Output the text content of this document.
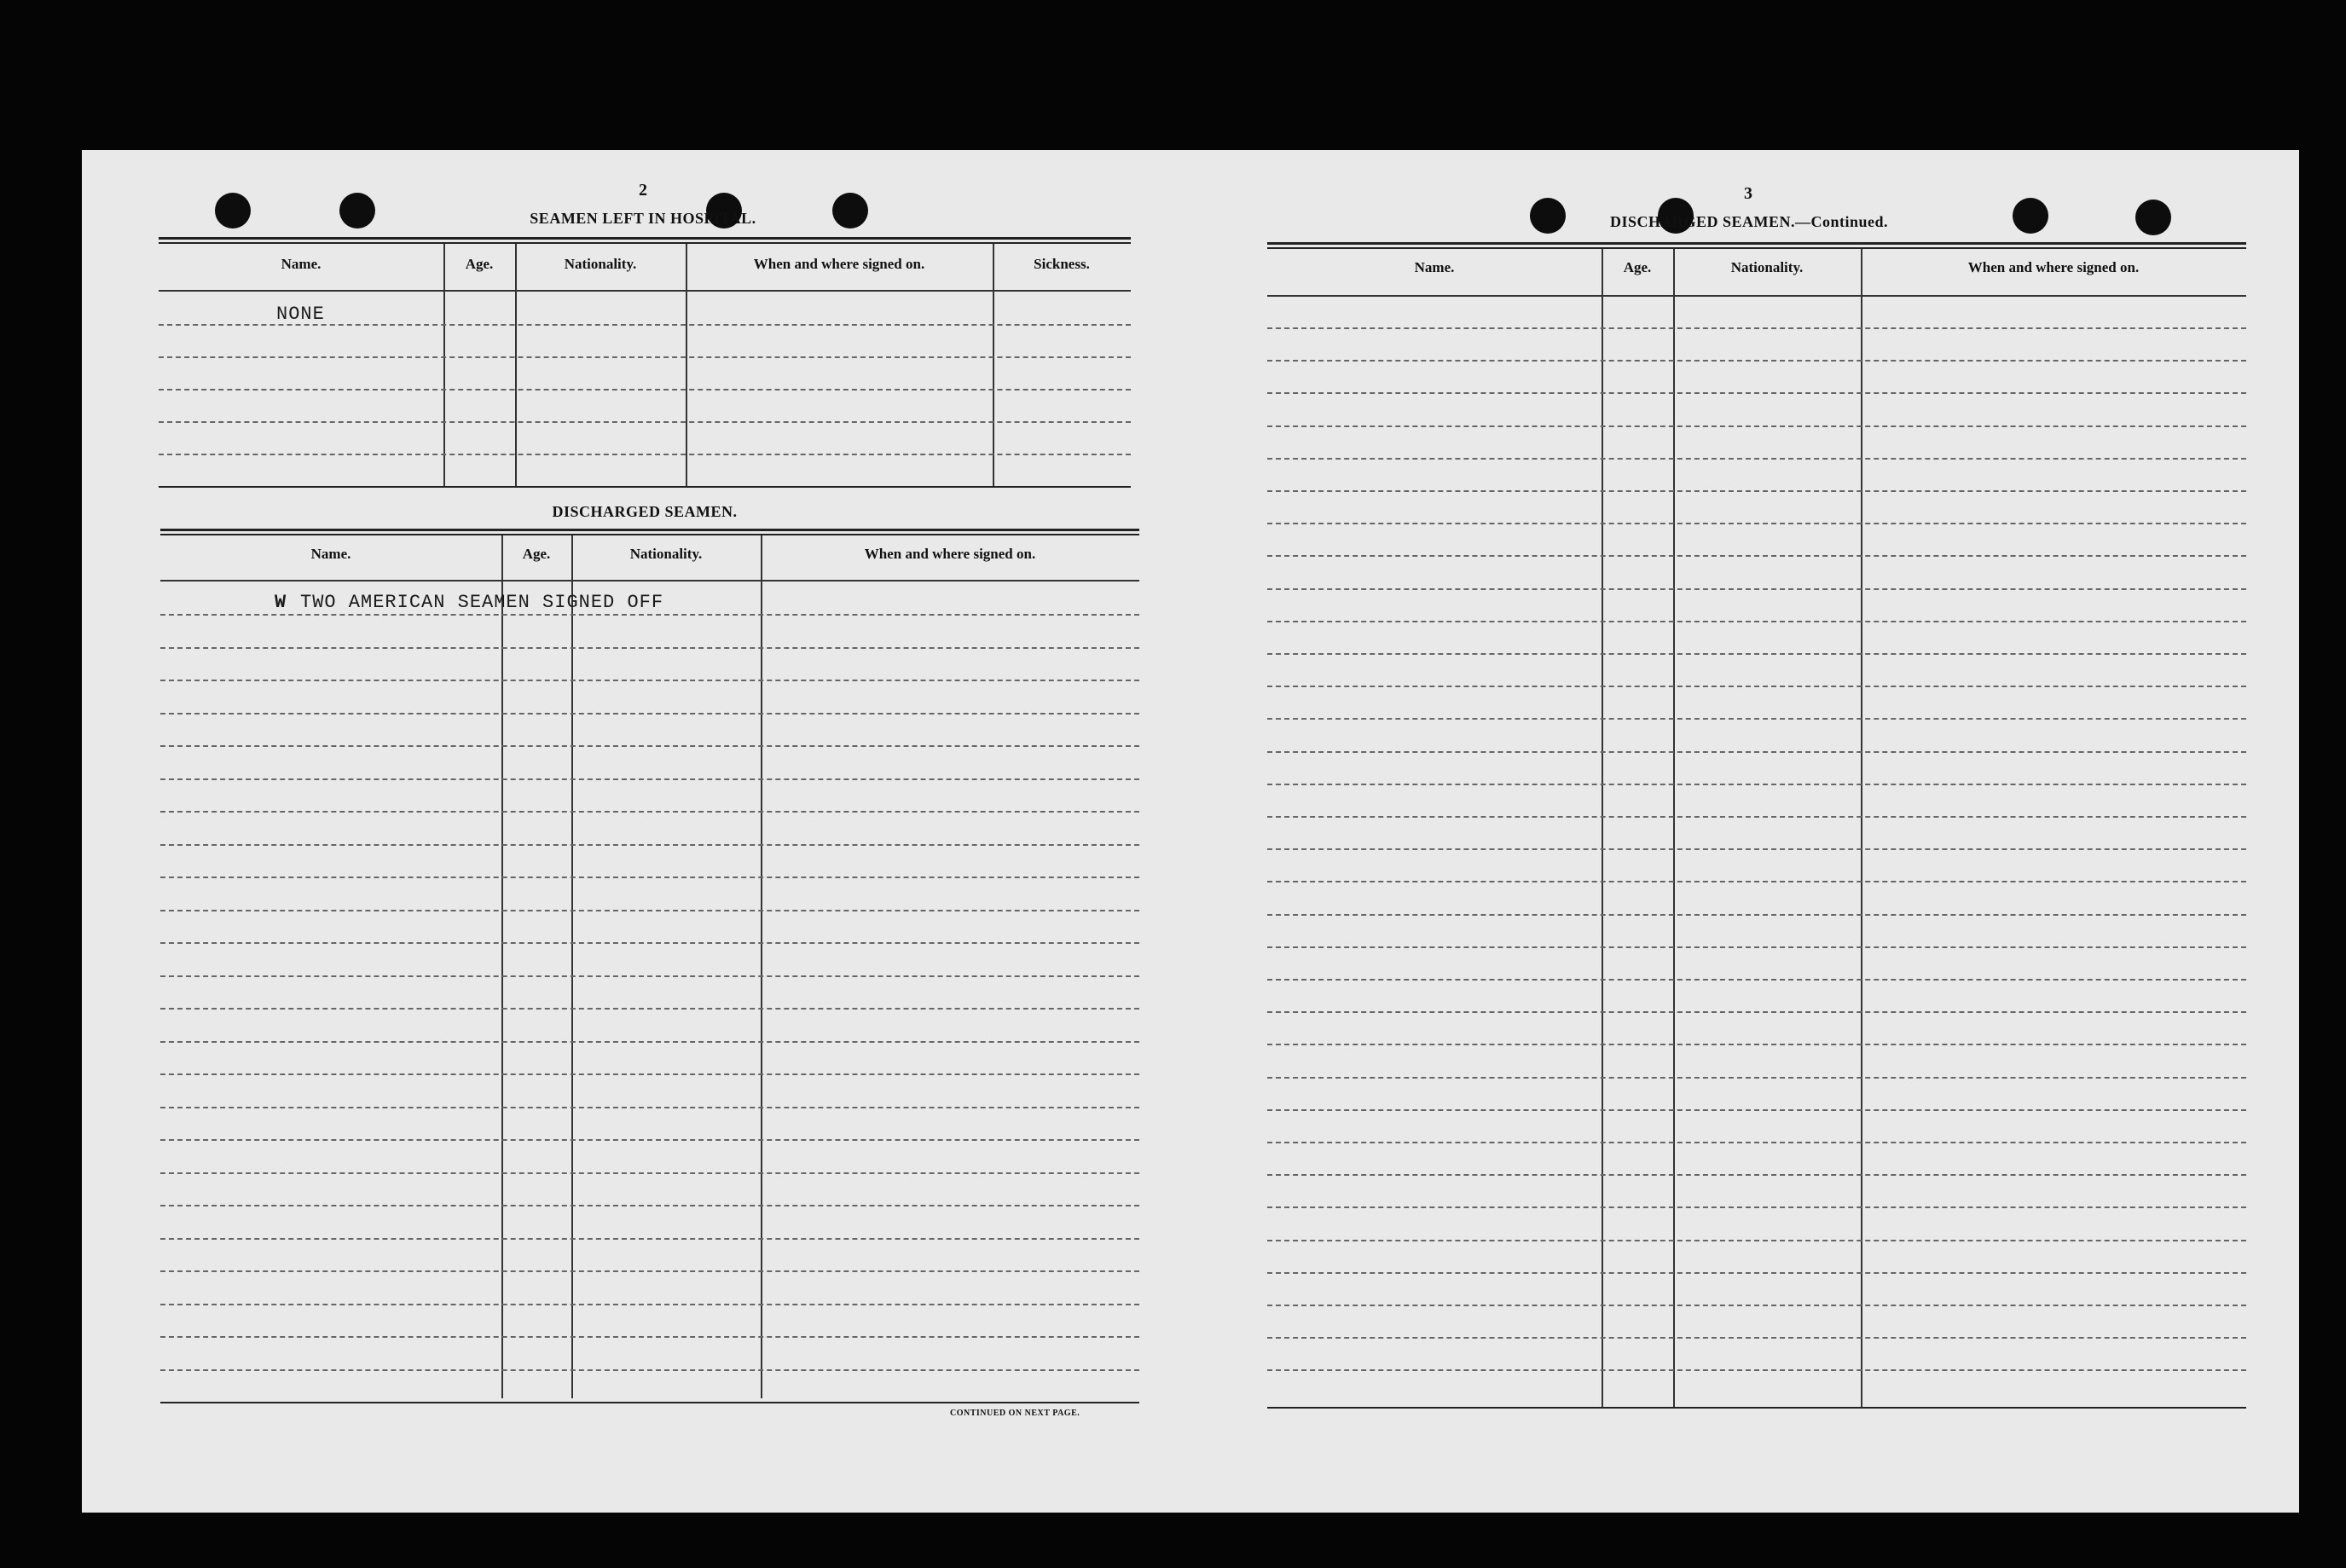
2
SEAMEN LEFT IN HOSPITAL.
Name.	Age.	Nationality.	When and where signed on.	Sickness.
NONE
DISCHARGED SEAMEN.
Name.	Age.	Nationality.	When and where signed on.
W TWO AMERICAN SEAMEN SIGNED OFF
CONTINUED ON NEXT PAGE.
3
DISCHARGED SEAMEN.—Continued.
Name.	Age.	Nationality.	When and where signed on.
